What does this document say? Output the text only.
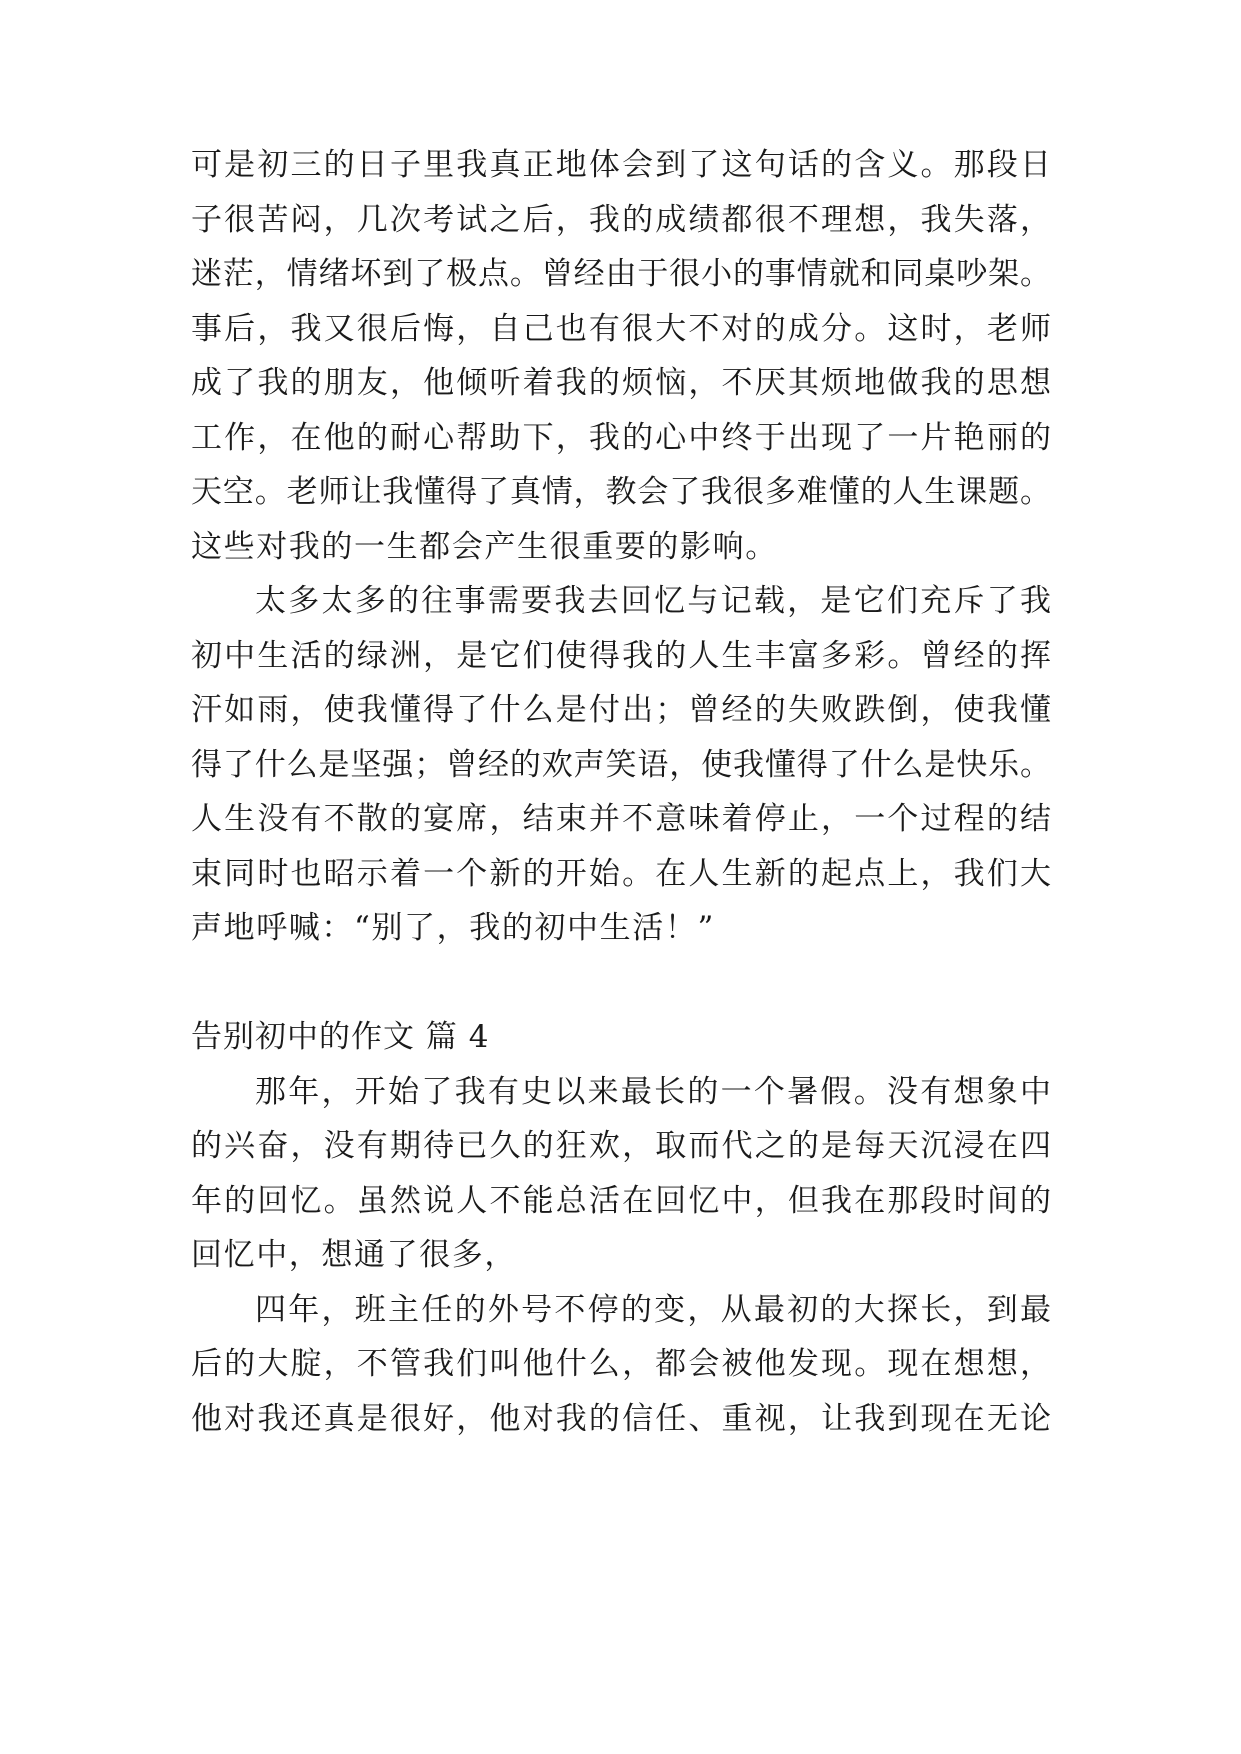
可是初三的日子里我真正地体会到了这句话的含义。那段日
子很苦闷，几次考试之后，我的成绩都很不理想，我失落，
迷茫，情绪坏到了极点。曾经由于很小的事情就和同桌吵架。
事后，我又很后悔，自己也有很大不对的成分。这时，老师
成了我的朋友，他倾听着我的烦恼，不厌其烦地做我的思想
工作，在他的耐心帮助下，我的心中终于出现了一片艳丽的
天空。老师让我懂得了真情，教会了我很多难懂的人生课题。
这些对我的一生都会产生很重要的影响。
太多太多的往事需要我去回忆与记载，是它们充斥了我
初中生活的绿洲，是它们使得我的人生丰富多彩。曾经的挥
汗如雨，使我懂得了什么是付出；曾经的失败跌倒，使我懂
得了什么是坚强；曾经的欢声笑语，使我懂得了什么是快乐。
人生没有不散的宴席，结束并不意味着停止，一个过程的结
束同时也昭示着一个新的开始。在人生新的起点上，我们大
声地呼喊：“别了，我的初中生活！”
告别初中的作文 篇 4
那年，开始了我有史以来最长的一个暑假。没有想象中
的兴奋，没有期待已久的狂欢，取而代之的是每天沉浸在四
年的回忆。虽然说人不能总活在回忆中，但我在那段时间的
回忆中，想通了很多，
四年，班主任的外号不停的变，从最初的大探长，到最
后的大腚，不管我们叫他什么，都会被他发现。现在想想，
他对我还真是很好，他对我的信任、重视，让我到现在无论
